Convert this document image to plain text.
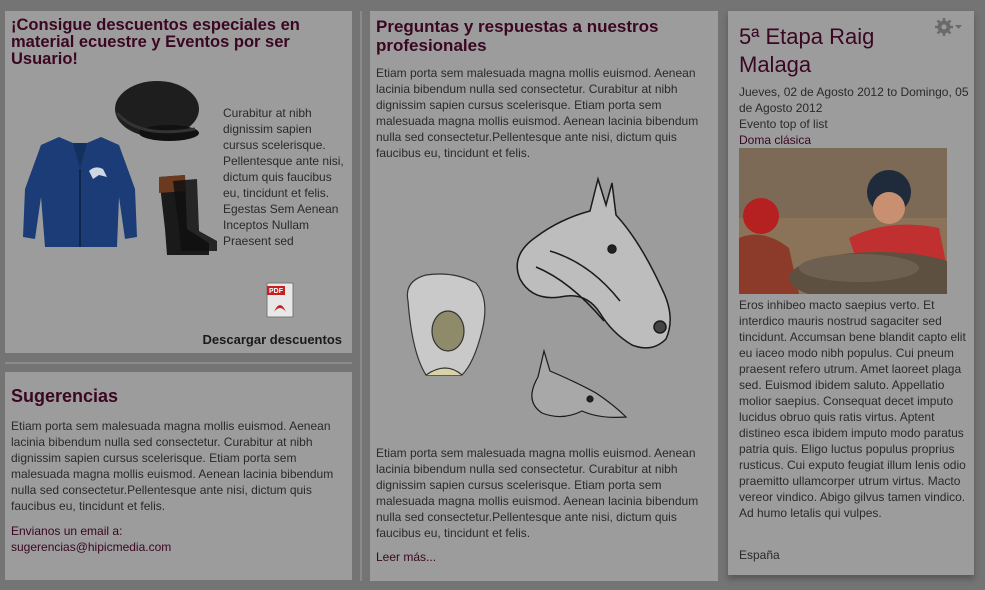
¡Consigue descuentos especiales en material ecuestre y Eventos por ser Usuario!
Curabitur at nibh dignissim sapien cursus scelerisque. Pellentesque ante nisi, dictum quis faucibus eu, tincidunt et felis. Egestas Sem Aenean Inceptos Nullam Praesent sed
PDF
Descargar descuentos
Sugerencias
Etiam porta sem malesuada magna mollis euismod. Aenean lacinia bibendum nulla sed consectetur. Curabitur at nibh dignissim sapien cursus scelerisque. Etiam porta sem malesuada magna mollis euismod. Aenean lacinia bibendum nulla sed consectetur.Pellentesque ante nisi, dictum quis faucibus eu, tincidunt et felis.
Envianos un email a:
sugerencias@hipicmedia.com
Preguntas y respuestas a nuestros profesionales
Etiam porta sem malesuada magna mollis euismod. Aenean lacinia bibendum nulla sed consectetur. Curabitur at nibh dignissim sapien cursus scelerisque. Etiam porta sem malesuada magna mollis euismod. Aenean lacinia bibendum nulla sed consectetur.Pellentesque ante nisi, dictum quis faucibus eu, tincidunt et felis.
Etiam porta sem malesuada magna mollis euismod. Aenean lacinia bibendum nulla sed consectetur. Curabitur at nibh dignissim sapien cursus scelerisque. Etiam porta sem malesuada magna mollis euismod. Aenean lacinia bibendum nulla sed consectetur.Pellentesque ante nisi, dictum quis faucibus eu, tincidunt et felis.
Leer más...
5ª Etapa Raig Malaga
Jueves, 02 de Agosto 2012 to Domingo, 05 de Agosto 2012
Evento top of list
Doma clásica
Eros inhibeo macto saepius verto. Et interdico mauris nostrud sagaciter sed tincidunt. Accumsan bene blandit capto elit eu iaceo modo nibh populus. Cui pneum praesent refero utrum. Amet laoreet plaga sed. Euismod ibidem saluto. Appellatio molior saepius. Consequat decet imputo lucidus obruo quis ratis virtus. Aptent distineo esca ibidem imputo modo paratus patria quis. Eligo luctus populus proprius rusticus. Cui exputo feugiat illum lenis odio praemitto ullamcorper utrum virtus. Macto vereor vindico. Abigo gilvus tamen vindico. Ad humo letalis qui vulpes.
España
